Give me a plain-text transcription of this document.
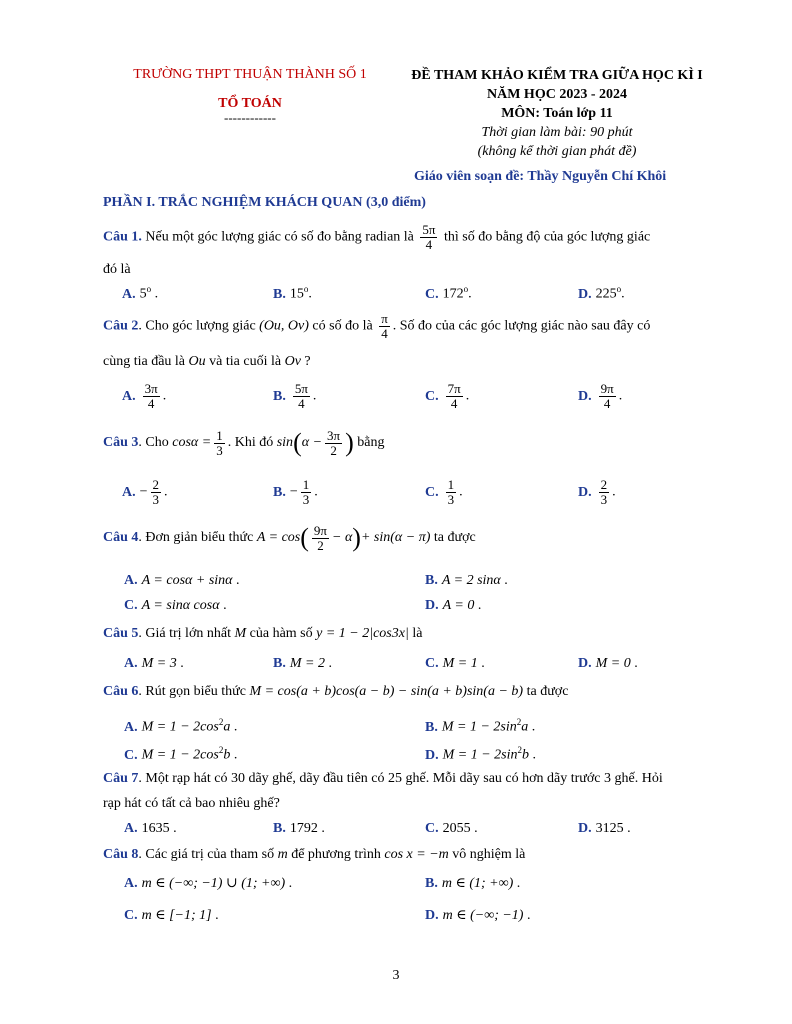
TRƯỜNG THPT THUẬN THÀNH SỐ 1
TỔ TOÁN
------------
ĐỀ THAM KHẢO KIỂM TRA GIỮA HỌC KÌ I
NĂM HỌC 2023 - 2024
MÔN: Toán lớp 11
Thời gian làm bài: 90 phút
(không kể thời gian phát đề)
Giáo viên soạn đề: Thầy Nguyễn Chí Khôi
PHẦN I. TRẮC NGHIỆM KHÁCH QUAN (3,0 điểm)
Câu 1. Nếu một góc lượng giác có số đo bằng radian là $\frac{5\pi}{4}$ thì số đo bằng độ của góc lượng giác
đó là
A. 5$^o$ .	B. 15$^o$.	C. 172$^o$.	D. 225$^o$.
Câu 2. Cho góc lượng giác (Ou, Ov) có số đo là $\frac{\pi}{4}$ . Số đo của các góc lượng giác nào sau đây có
cùng tia đầu là Ou và tia cuối là Ov ?
A. $\frac{3\pi}{4}$ .	B. $\frac{5\pi}{4}$ .	C. $\frac{7\pi}{4}$ .	D. $\frac{9\pi}{4}$ .
Câu 3. Cho $\cos\alpha = \frac{1}{3}$ . Khi đó $\sin(\alpha - \frac{3\pi}{2}$ ) bằng
A. − $\frac{2}{3}$ .	B. − $\frac{1}{3}$ .	C. $\frac{1}{3}$ .	D. $\frac{2}{3}$ .
Câu 4. Đơn giản biểu thức $A = \cos( \frac{9\pi}{2} - \alpha)+ \sin(\alpha - \pi)$ ta được
A. A = cosα + sinα .	B. A = 2 sinα .
C. A = sinα cosα .	D. A = 0 .
Câu 5. Giá trị lớn nhất M của hàm số y = 1 − 2|cos3x| là
A. M = 3 .	B. M = 2 .	C. M = 1 .	D. M = 0 .
Câu 6. Rút gọn biểu thức M = cos(a + b)cos(a − b) − sin(a + b)sin(a − b) ta được
A. $M = 1 - 2\cos^2a$ .	B. $M = 1 - 2\sin^2a$ .
C. $M = 1 - 2\cos^2b$ .	D. $M = 1 - 2\sin^2b$ .
Câu 7. Một rạp hát có 30 dãy ghế, dãy đầu tiên có 25 ghế. Mỗi dãy sau có hơn dãy trước 3 ghế. Hỏi
rạp hát có tất cả bao nhiêu ghế?
A. 1635 .	B. 1792 .	C. 2055 .	D. 3125 .
Câu 8. Các giá trị của tham số m để phương trình cos x = −m vô nghiệm là
A. m ∈ (−∞; −1) ∪ (1; +∞) .	B. m ∈ (1; +∞) .
C. m ∈ [−1; 1] .	D. m ∈ (−∞; −1) .
3
